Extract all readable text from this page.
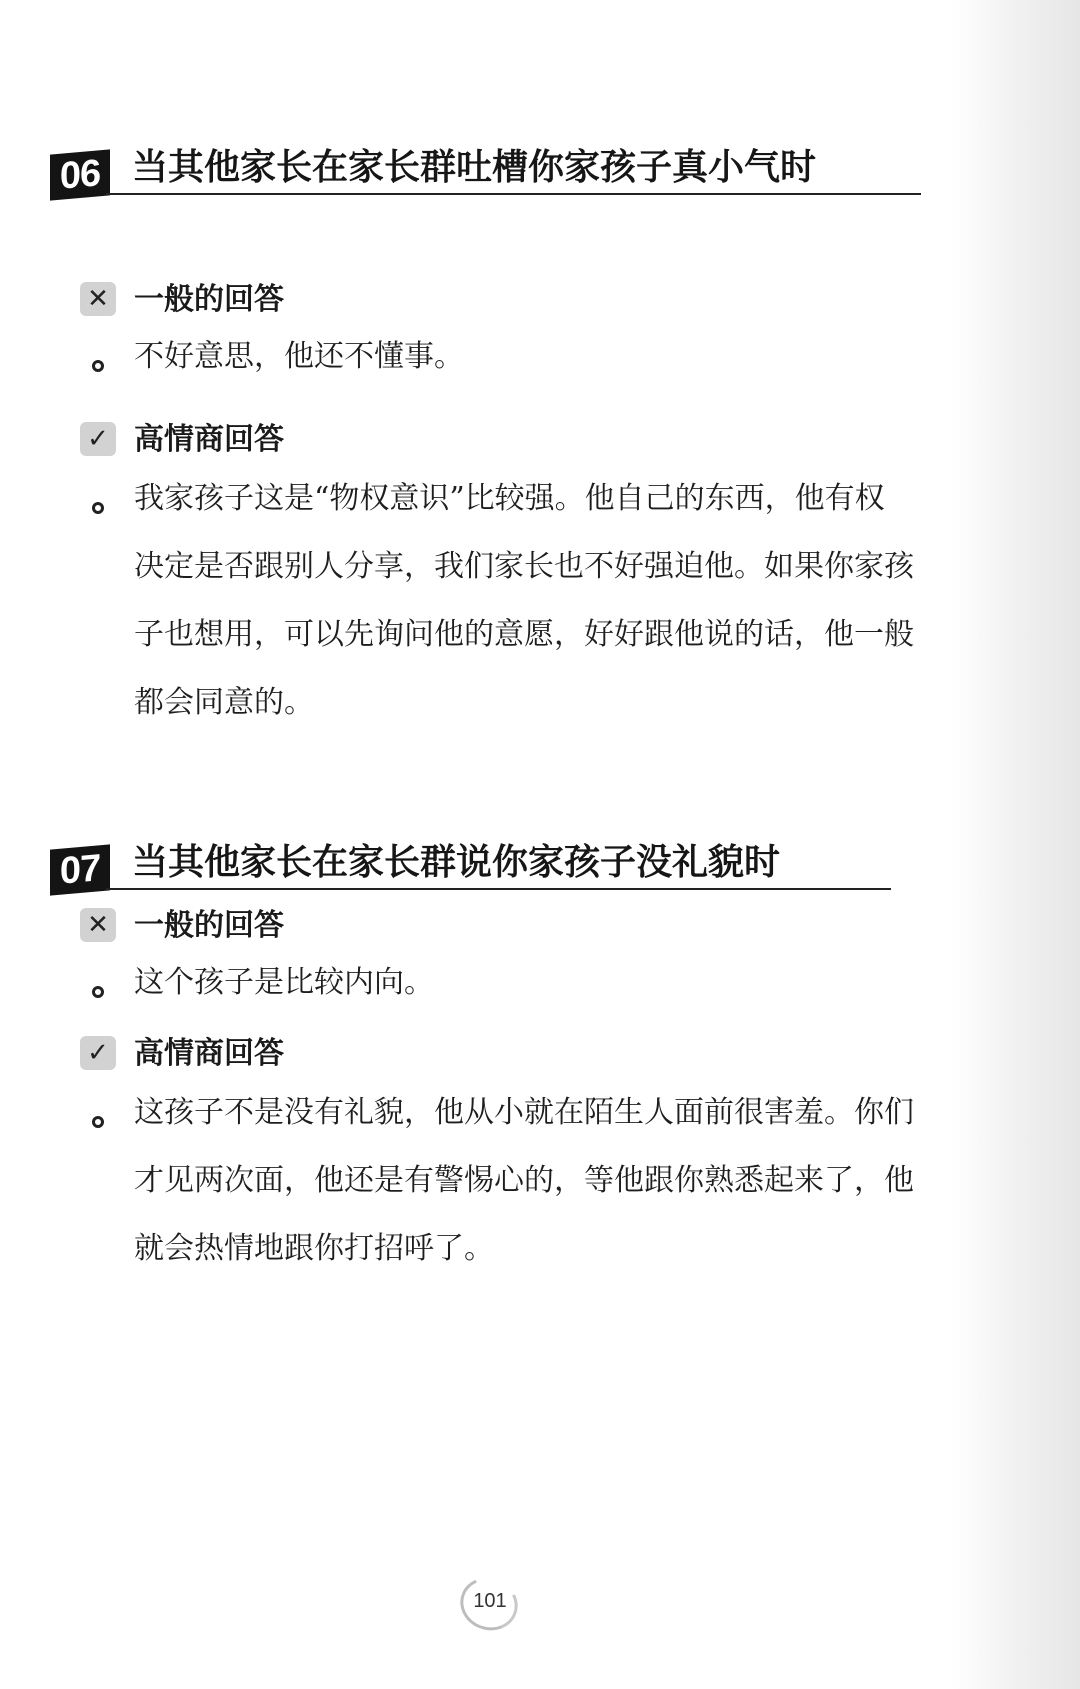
06 当其他家长在家长群吐槽你家孩子真小气时
✕ 一般的回答
不好意思，他还不懂事。
✓ 高情商回答
我家孩子这是“物权意识”比较强。他自己的东西，他有权决定是否跟别人分享，我们家长也不好强迫他。如果你家孩子也想用，可以先询问他的意愿，好好跟他说的话，他一般都会同意的。
07 当其他家长在家长群说你家孩子没礼貌时
✕ 一般的回答
这个孩子是比较内向。
✓ 高情商回答
这孩子不是没有礼貌，他从小就在陌生人面前很害羞。你们才见两次面，他还是有警惕心的，等他跟你熟悉起来了，他就会热情地跟你打招呼了。
101
